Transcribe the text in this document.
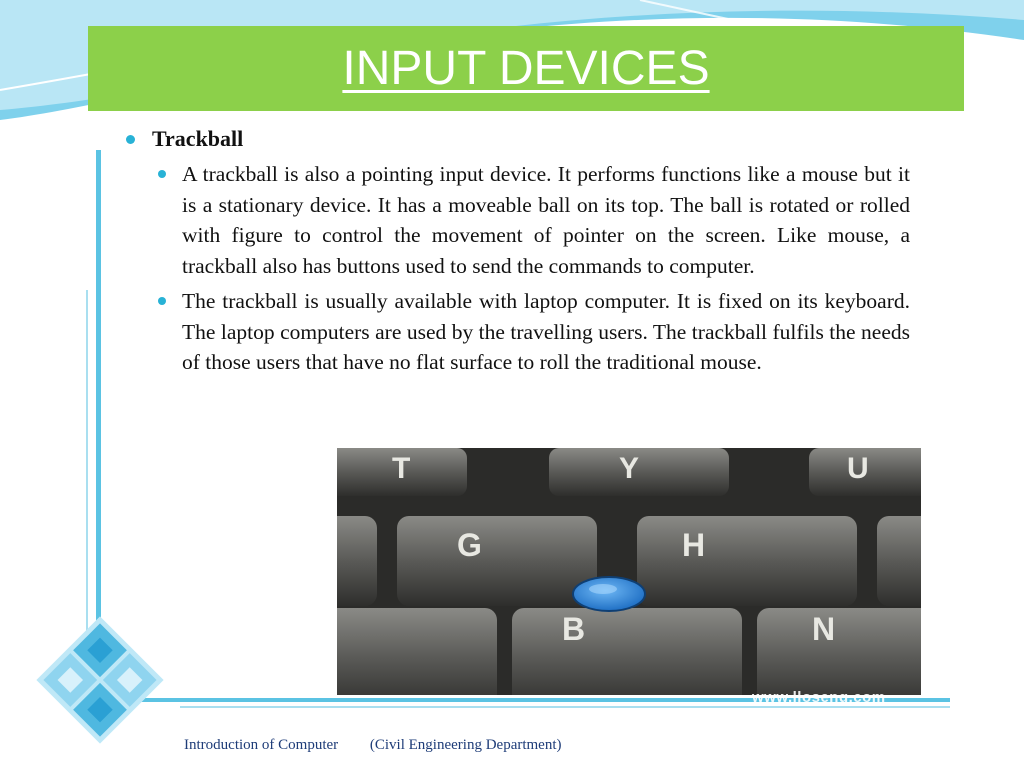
INPUT DEVICES
Trackball
A trackball is also a pointing input device. It performs functions like a mouse but it is a stationary device. It has a moveable ball on its top. The ball is rotated or rolled with figure to control the movement of pointer on the screen. Like mouse, a trackball also has buttons used to send the commands to computer.
The trackball is usually available with laptop computer. It is fixed on its keyboard. The laptop computers are used by the travelling users. The trackball fulfils the needs of those users that have no flat surface to roll the traditional mouse.
T	Y	U
G	H
B	N
www.lloseng.com
Introduction of Computer (Civil Engineering Department)
